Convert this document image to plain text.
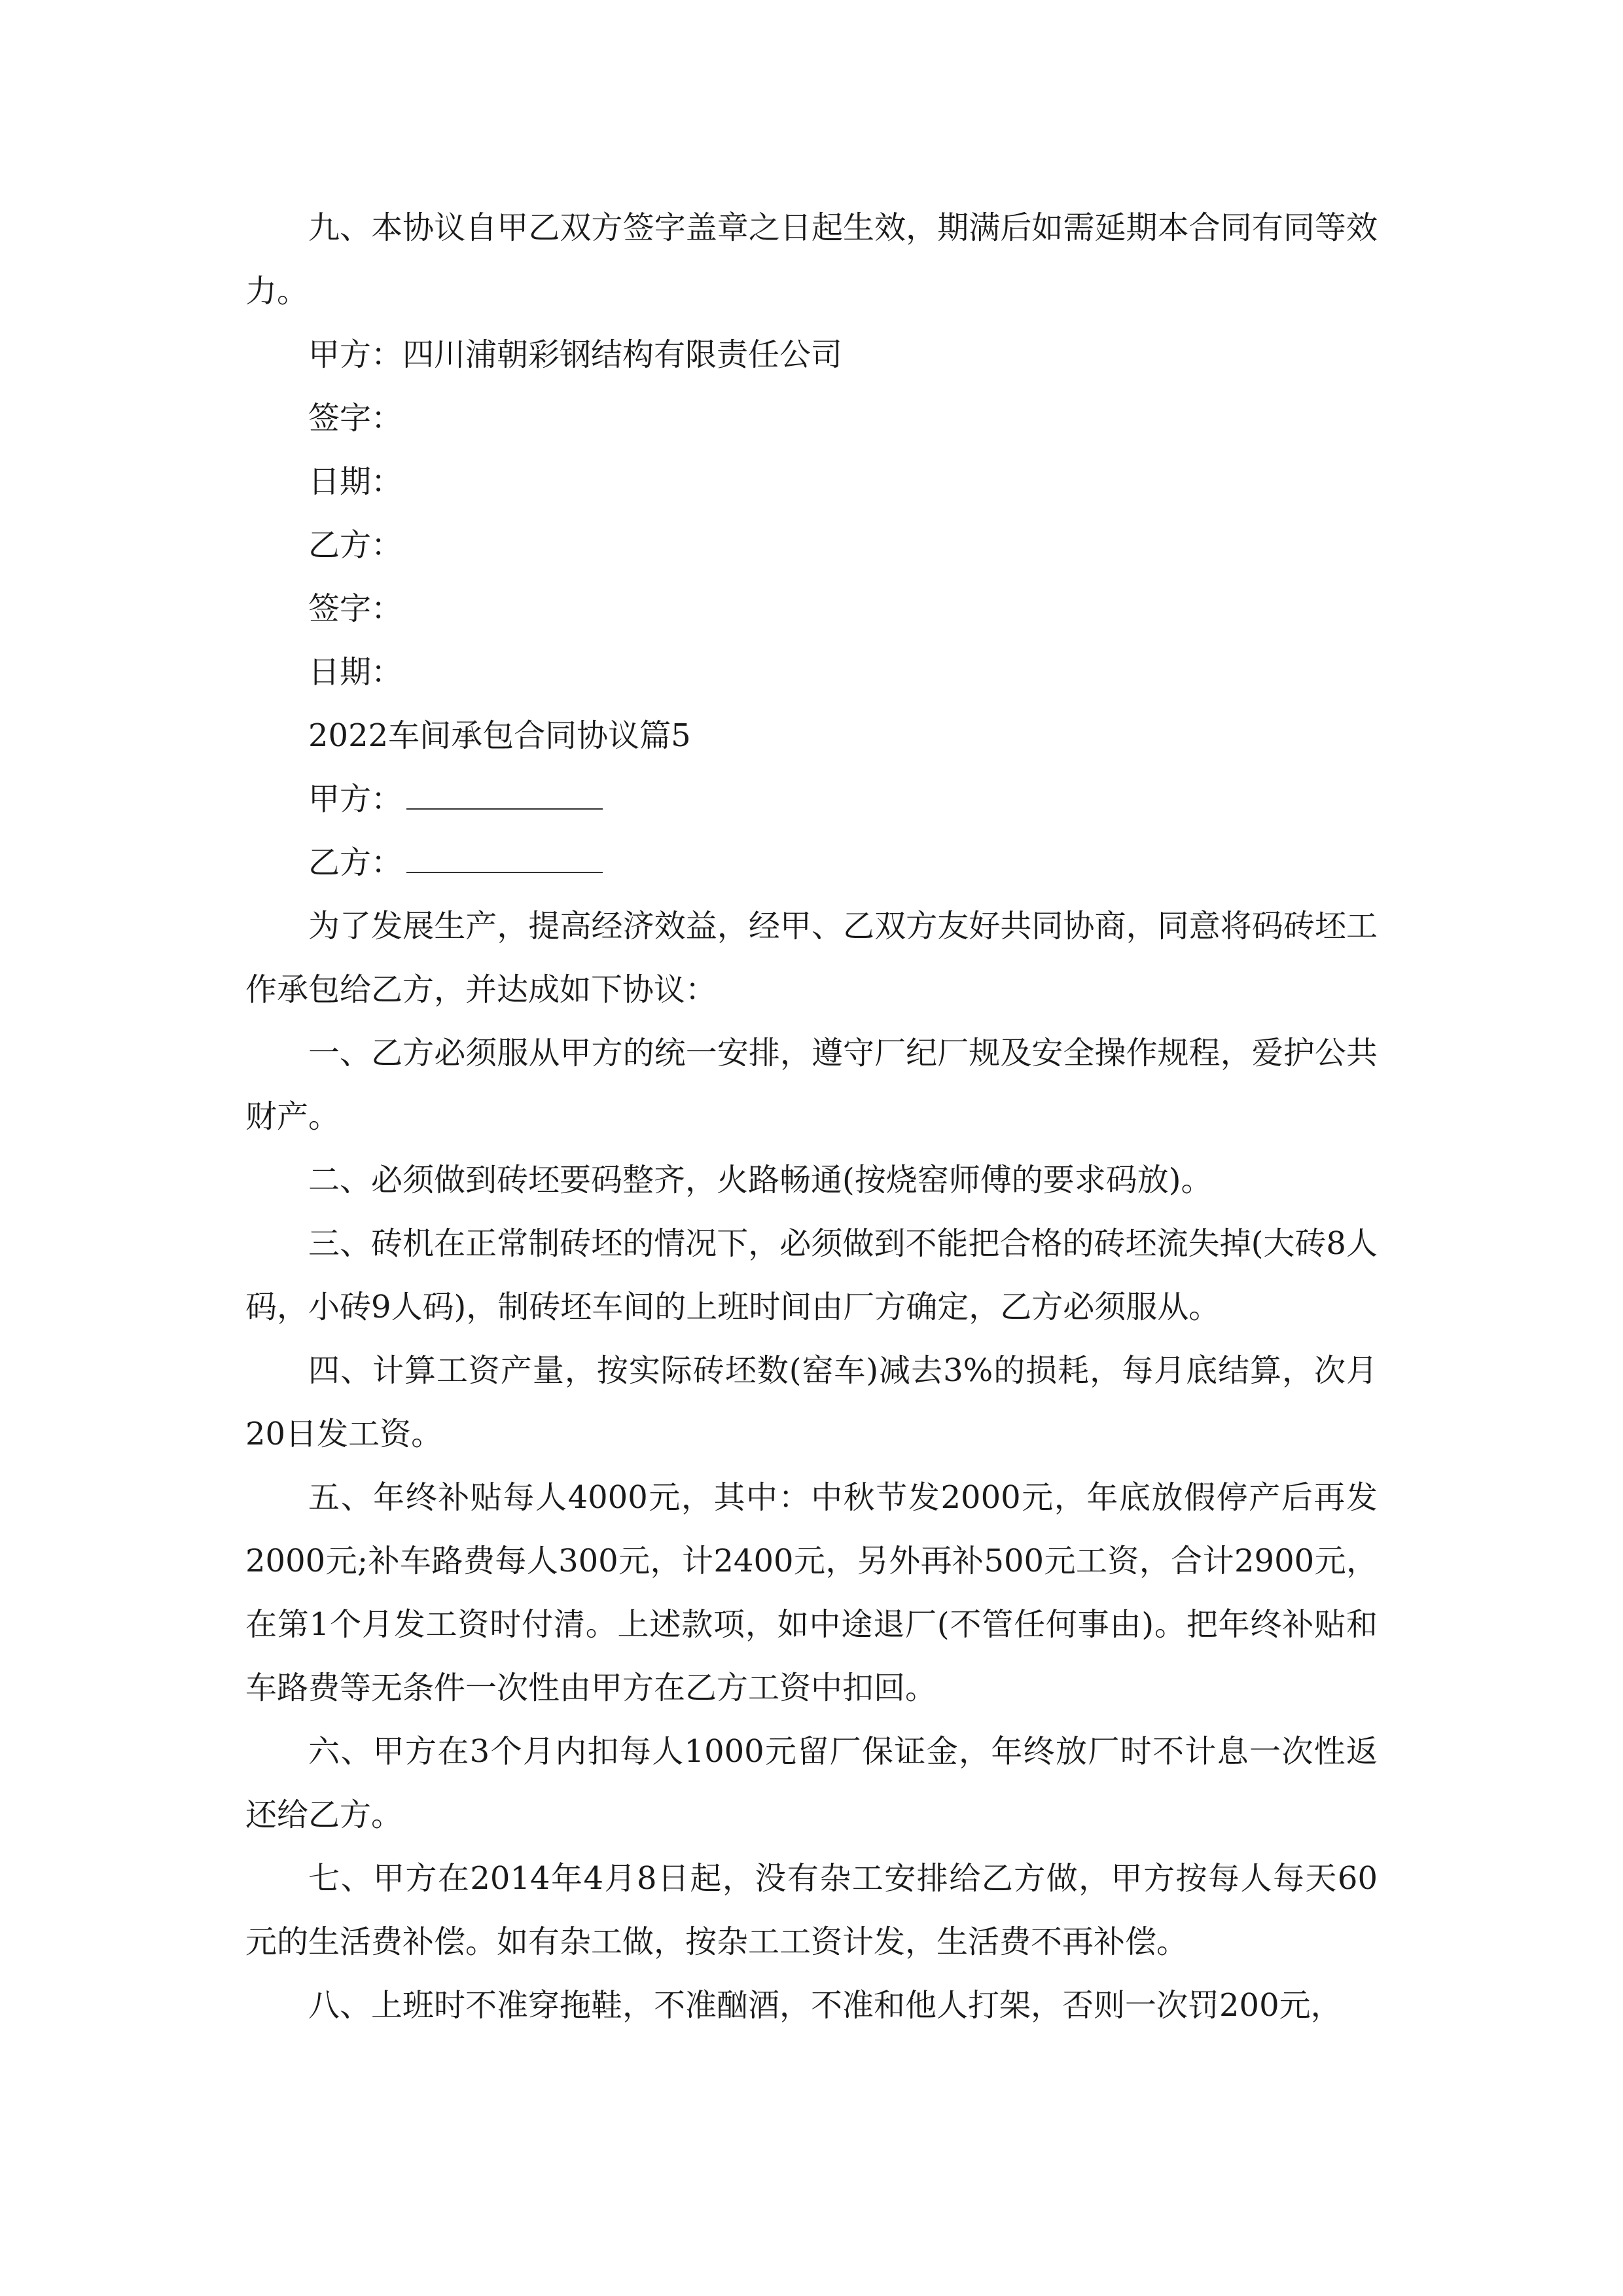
九、本协议自甲乙双方签字盖章之日起生效，期满后如需延期本合同有同等效力。

甲方：四川浦朝彩钢结构有限责任公司

签字：

日期：

乙方：

签字：

日期：

2022车间承包合同协议篇5

甲方：

乙方：

为了发展生产，提高经济效益，经甲、乙双方友好共同协商，同意将码砖坯工作承包给乙方，并达成如下协议：

一、乙方必须服从甲方的统一安排，遵守厂纪厂规及安全操作规程，爱护公共财产。

二、必须做到砖坯要码整齐，火路畅通(按烧窑师傅的要求码放)。

三、砖机在正常制砖坯的情况下，必须做到不能把合格的砖坯流失掉(大砖8人码，小砖9人码)，制砖坯车间的上班时间由厂方确定，乙方必须服从。

四、计算工资产量，按实际砖坯数(窑车)减去3%的损耗，每月底结算，次月20日发工资。

五、年终补贴每人4000元，其中：中秋节发2000元，年底放假停产后再发2000元;补车路费每人300元，计2400元，另外再补500元工资，合计2900元，在第1个月发工资时付清。上述款项，如中途退厂(不管任何事由)。把年终补贴和车路费等无条件一次性由甲方在乙方工资中扣回。

六、甲方在3个月内扣每人1000元留厂保证金，年终放厂时不计息一次性返还给乙方。

七、甲方在2014年4月8日起，没有杂工安排给乙方做，甲方按每人每天60元的生活费补偿。如有杂工做，按杂工工资计发，生活费不再补偿。

八、上班时不准穿拖鞋，不准酗酒，不准和他人打架，否则一次罚200元，
